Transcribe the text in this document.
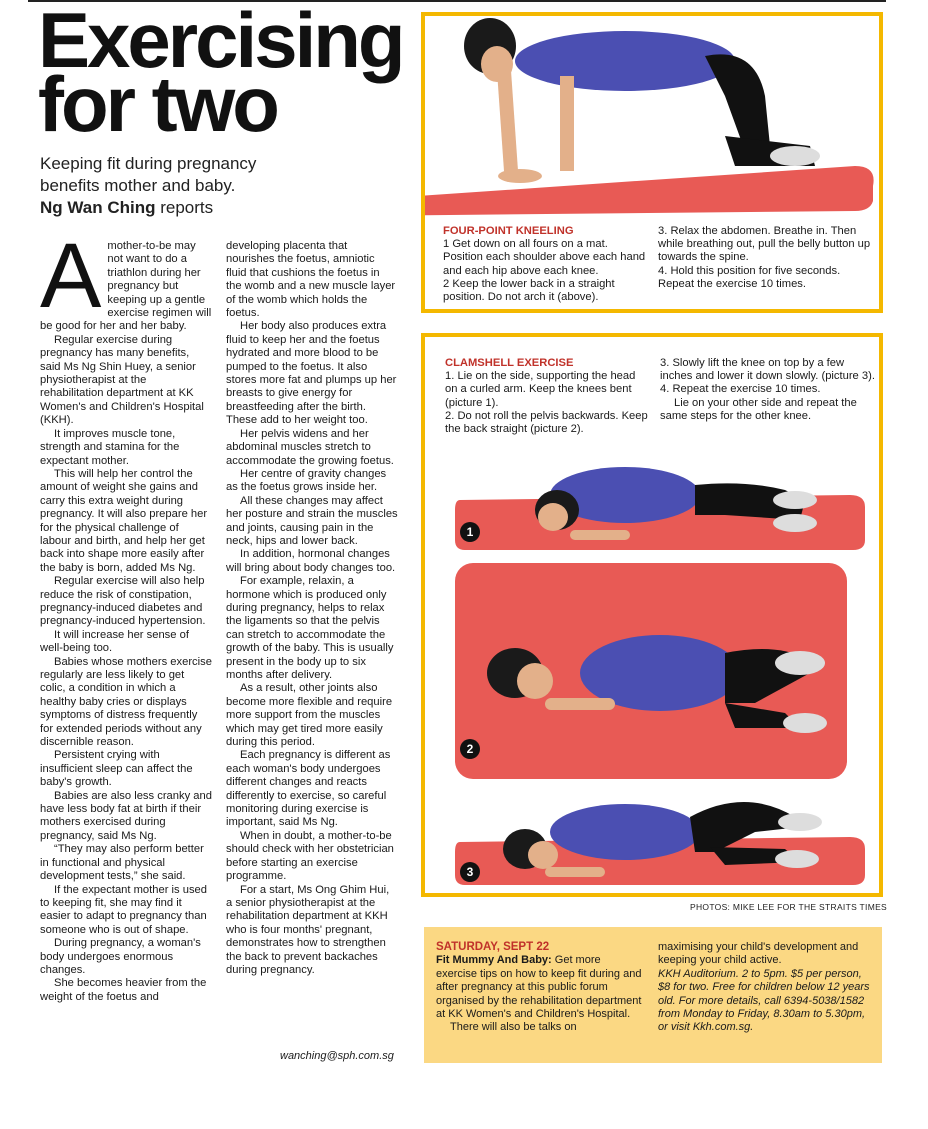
Exercising
for two
Keeping fit during pregnancy
benefits mother and baby.
Ng Wan Ching reports

A mother-to-be may not want to do a triathlon during her pregnancy but keeping up a gentle exercise regimen will be good for her and her baby.

Regular exercise during pregnancy has many benefits, said Ms Ng Shin Huey, a senior physiotherapist at the rehabilitation department at KK Women's and Children's Hospital (KKH).

It improves muscle tone, strength and stamina for the expectant mother.

This will help her control the amount of weight she gains and carry this extra weight during pregnancy. It will also prepare her for the physical challenge of labour and birth, and help her get back into shape more easily after the baby is born, added Ms Ng.

Regular exercise will also help reduce the risk of constipation, pregnancy-induced diabetes and pregnancy-induced hypertension.

It will increase her sense of well-being too.

Babies whose mothers exercise regularly are less likely to get colic, a condition in which a healthy baby cries or displays symptoms of distress frequently for extended periods without any discernible reason.

Persistent crying with insufficient sleep can affect the baby's growth.

Babies are also less cranky and have less body fat at birth if their mothers exercised during pregnancy, said Ms Ng.

“They may also perform better in functional and physical development tests,” she said.

If the expectant mother is used to keeping fit, she may find it easier to adapt to pregnancy than someone who is out of shape.

During pregnancy, a woman's body undergoes enormous changes.

She becomes heavier from the weight of the foetus and

developing placenta that nourishes the foetus, amniotic fluid that cushions the foetus in the womb and a new muscle layer of the womb which holds the foetus.

Her body also produces extra fluid to keep her and the foetus hydrated and more blood to be pumped to the foetus. It also stores more fat and plumps up her breasts to give energy for breastfeeding after the birth. These add to her weight too.

Her pelvis widens and her abdominal muscles stretch to accommodate the growing foetus.

Her centre of gravity changes as the foetus grows inside her.

All these changes may affect her posture and strain the muscles and joints, causing pain in the neck, hips and lower back.

In addition, hormonal changes will bring about body changes too.

For example, relaxin, a hormone which is produced only during pregnancy, helps to relax the ligaments so that the pelvis can stretch to accommodate the growth of the baby. This is usually present in the body up to six months after delivery.

As a result, other joints also become more flexible and require more support from the muscles which may get tired more easily during this period.

Each pregnancy is different as each woman's body undergoes different changes and reacts differently to exercise, so careful monitoring during exercise is important, said Ms Ng.

When in doubt, a mother-to-be should check with her obstetrician before starting an exercise programme.

For a start, Ms Ong Ghim Hui, a senior physiotherapist at the rehabilitation department at KKH who is four months' pregnant, demonstrates how to strengthen the back to prevent backaches during pregnancy.

wanching@sph.com.sg

FOUR-POINT KNEELING

1 Get down on all fours on a mat. Position each shoulder above each hand and each hip above each knee.

2 Keep the lower back in a straight position. Do not arch it (above).

3. Relax the abdomen. Breathe in. Then while breathing out, pull the belly button up towards the spine.

4. Hold this position for five seconds. Repeat the exercise 10 times.

CLAMSHELL EXERCISE

1. Lie on the side, supporting the head on a curled arm. Keep the knees bent (picture 1).

2. Do not roll the pelvis backwards. Keep the back straight (picture 2).

3. Slowly lift the knee on top by a few inches and lower it down slowly. (picture 3).

4. Repeat the exercise 10 times.

Lie on your other side and repeat the same steps for the other knee.

1
2
3
PHOTOS: MIKE LEE FOR THE STRAITS TIMES

SATURDAY, SEPT 22

Fit Mummy And Baby: Get more exercise tips on how to keep fit during and after pregnancy at this public forum organised by the rehabilitation department at KK Women's and Children's Hospital.

There will also be talks on

maximising your child's development and keeping your child active.

KKH Auditorium. 2 to 5pm. $5 per person, $8 for two. Free for children below 12 years old. For more details, call 6394-5038/1582 from Monday to Friday, 8.30am to 5.30pm, or visit Kkh.com.sg.
